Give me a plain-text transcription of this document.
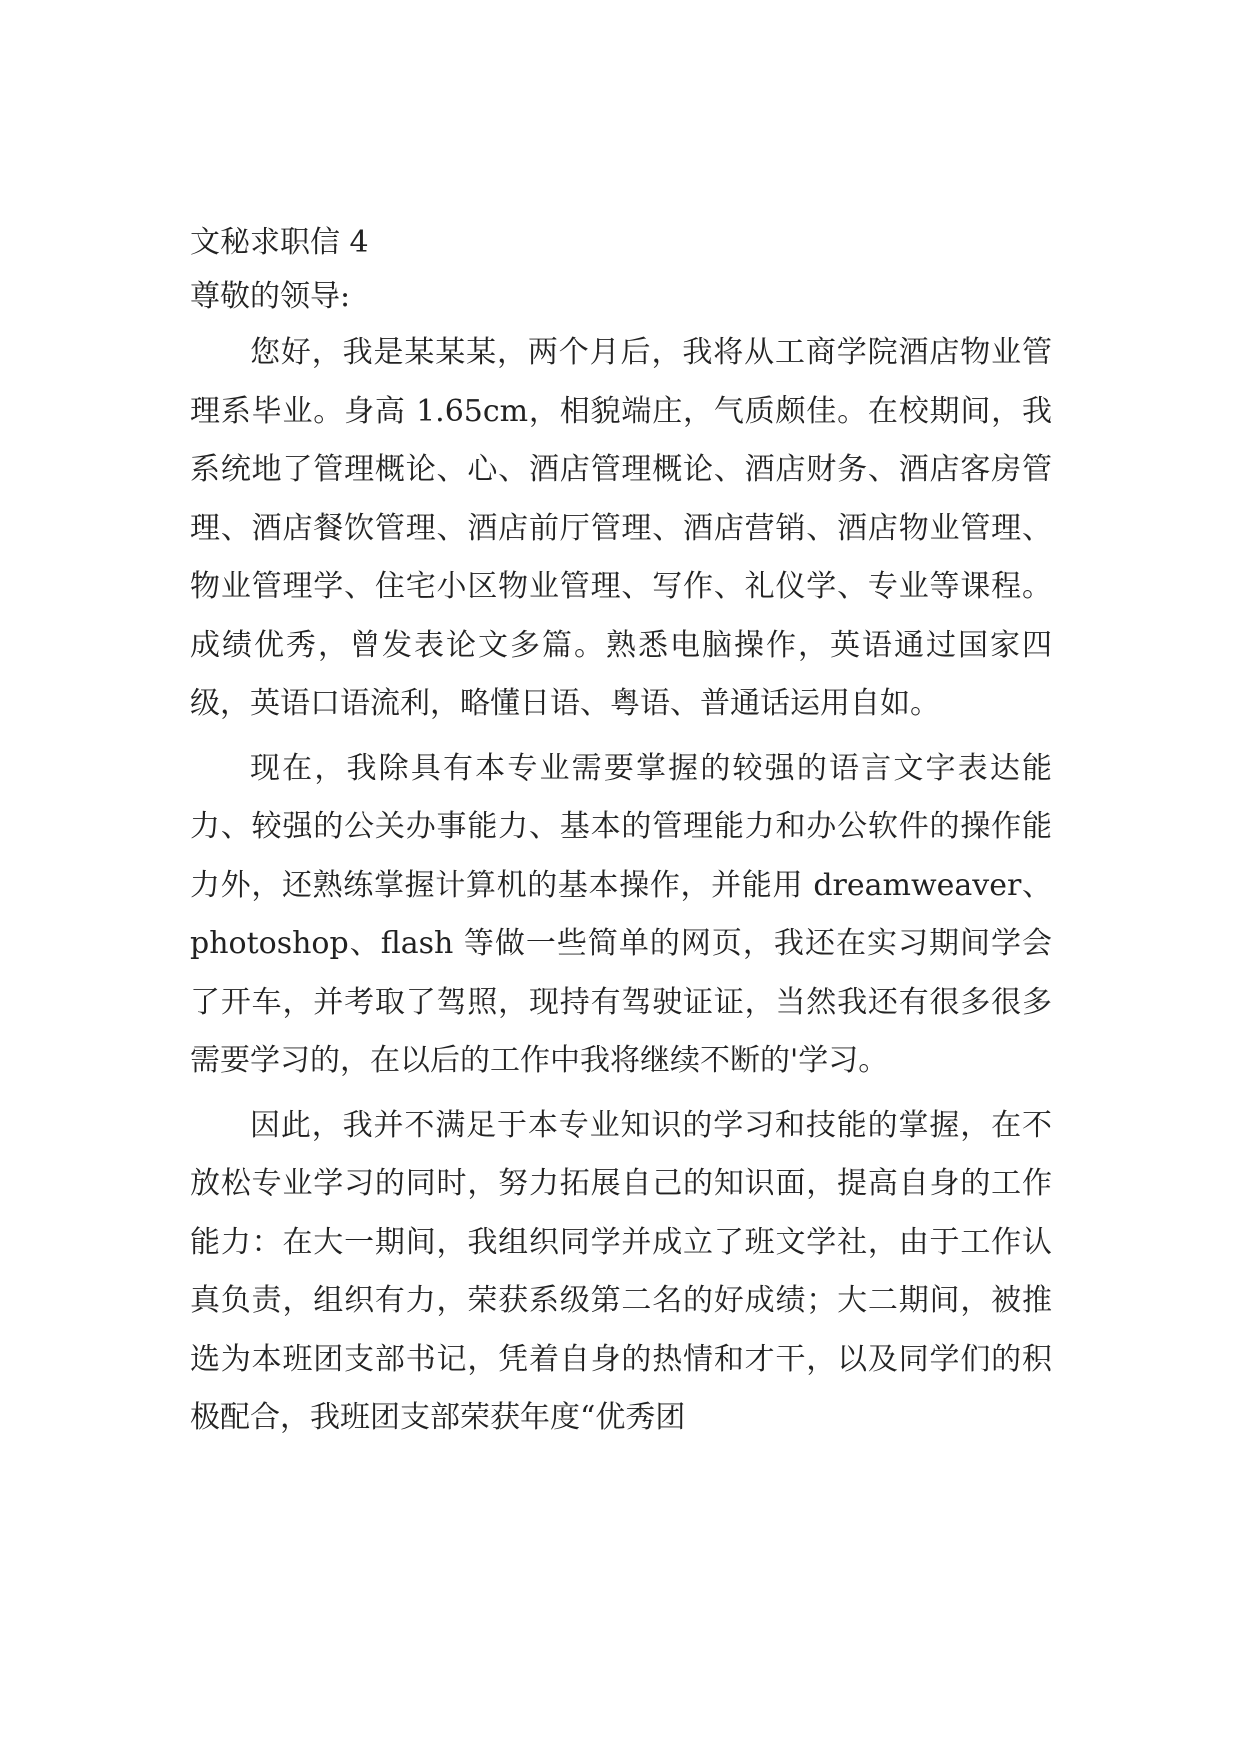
文秘求职信 4

尊敬的领导:

您好，我是某某某，两个月后，我将从工商学院酒店物业管理系毕业。身高 1.65cm，相貌端庄，气质颇佳。在校期间，我系统地了管理概论、心、酒店管理概论、酒店财务、酒店客房管理、酒店餐饮管理、酒店前厅管理、酒店营销、酒店物业管理、物业管理学、住宅小区物业管理、写作、礼仪学、专业等课程。成绩优秀，曾发表论文多篇。熟悉电脑操作，英语通过国家四级，英语口语流利，略懂日语、粤语、普通话运用自如。

现在，我除具有本专业需要掌握的较强的语言文字表达能力、较强的公关办事能力、基本的管理能力和办公软件的操作能力外，还熟练掌握计算机的基本操作，并能用 dreamweaver、photoshop、flash 等做一些简单的网页，我还在实习期间学会了开车，并考取了驾照，现持有驾驶证证，当然我还有很多很多需要学习的，在以后的工作中我将继续不断的'学习。

因此，我并不满足于本专业知识的学习和技能的掌握，在不放松专业学习的同时，努力拓展自己的知识面，提高自身的工作能力：在大一期间，我组织同学并成立了班文学社，由于工作认真负责，组织有力，荣获系级第二名的好成绩；大二期间，被推选为本班团支部书记，凭着自身的热情和才干，以及同学们的积极配合，我班团支部荣获年度“优秀团
